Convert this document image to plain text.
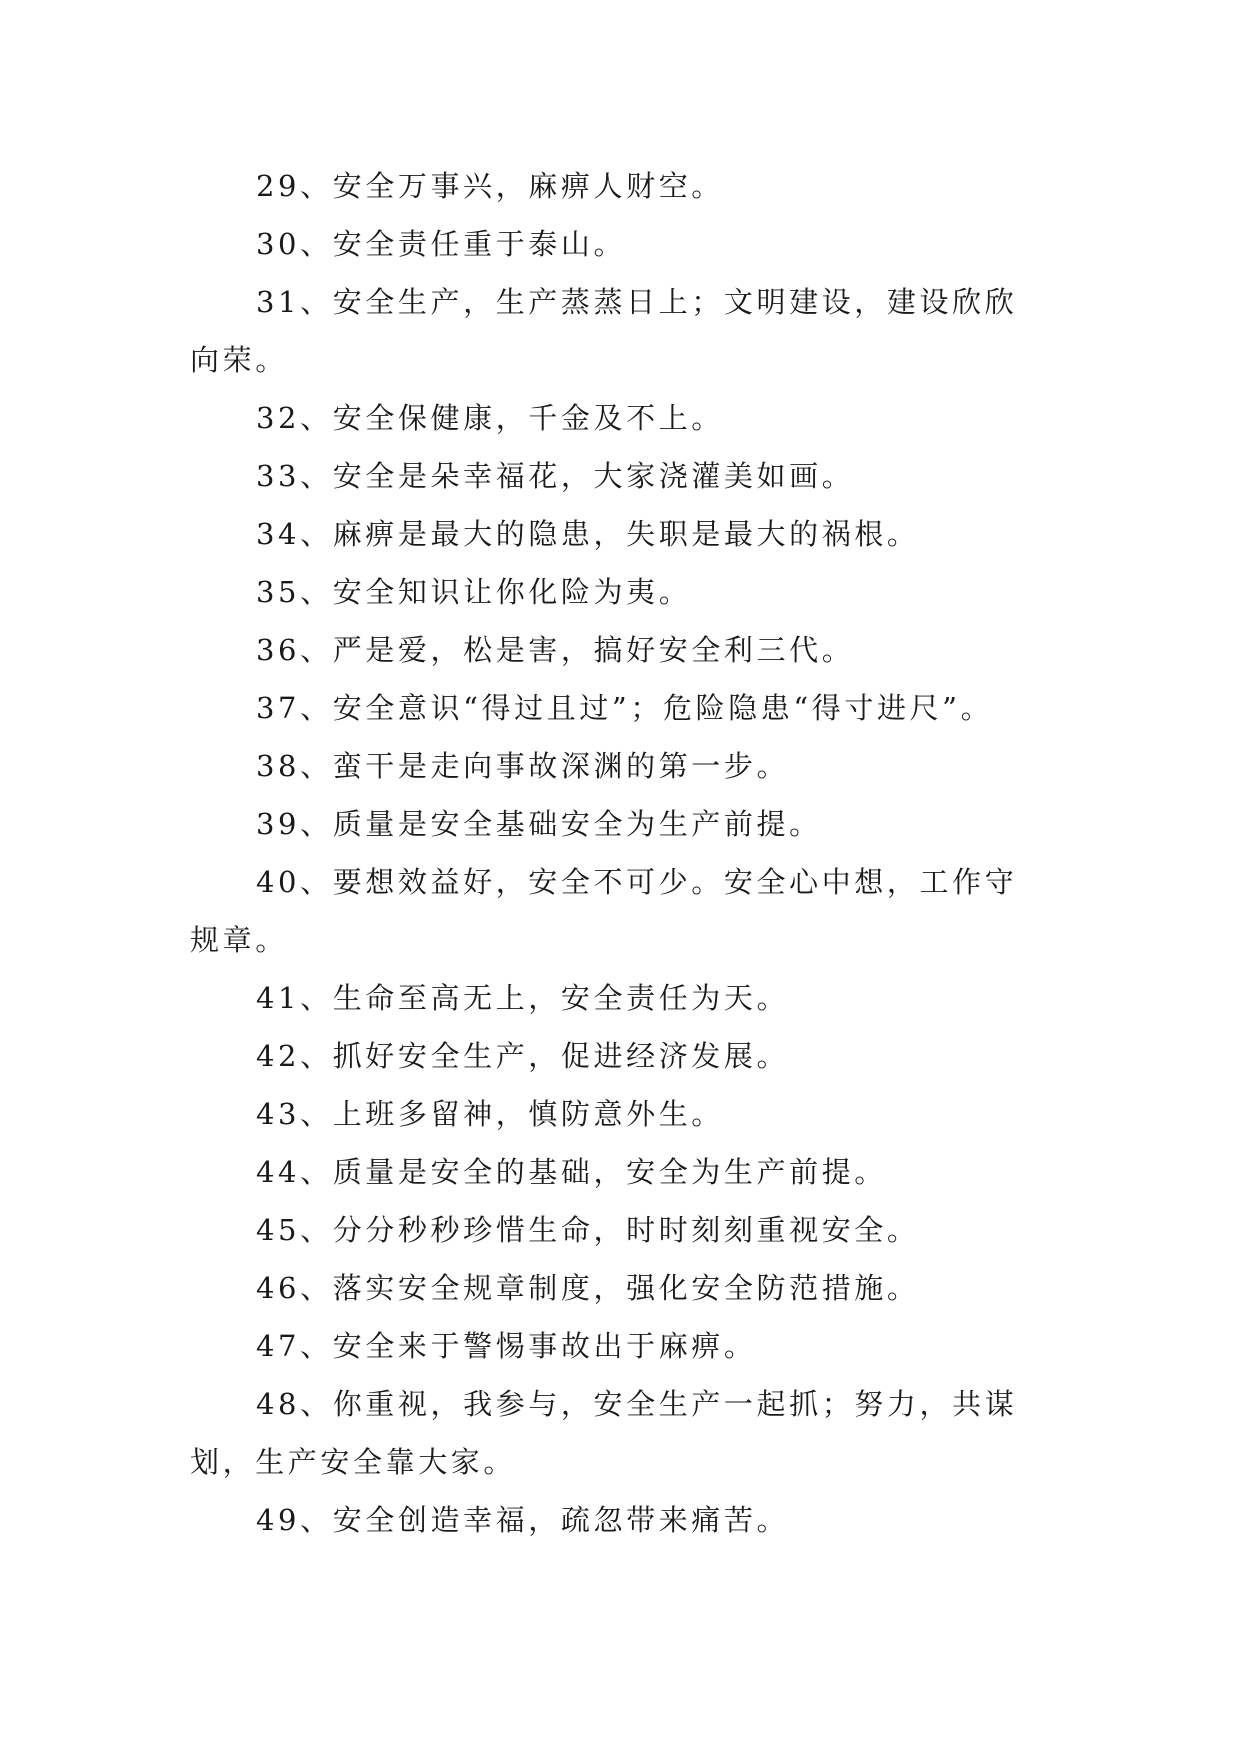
29、安全万事兴，麻痹人财空。

30、安全责任重于泰山。

31、安全生产，生产蒸蒸日上；文明建设，建设欣欣向荣。

32、安全保健康，千金及不上。

33、安全是朵幸福花，大家浇灌美如画。

34、麻痹是最大的隐患，失职是最大的祸根。

35、安全知识让你化险为夷。

36、严是爱，松是害，搞好安全利三代。

37、安全意识“得过且过”；危险隐患“得寸进尺”。

38、蛮干是走向事故深渊的第一步。

39、质量是安全基础安全为生产前提。

40、要想效益好，安全不可少。安全心中想，工作守规章。

41、生命至高无上，安全责任为天。

42、抓好安全生产，促进经济发展。

43、上班多留神，慎防意外生。

44、质量是安全的基础，安全为生产前提。

45、分分秒秒珍惜生命，时时刻刻重视安全。

46、落实安全规章制度，强化安全防范措施。

47、安全来于警惕事故出于麻痹。

48、你重视，我参与，安全生产一起抓；努力，共谋划，生产安全靠大家。

49、安全创造幸福，疏忽带来痛苦。
